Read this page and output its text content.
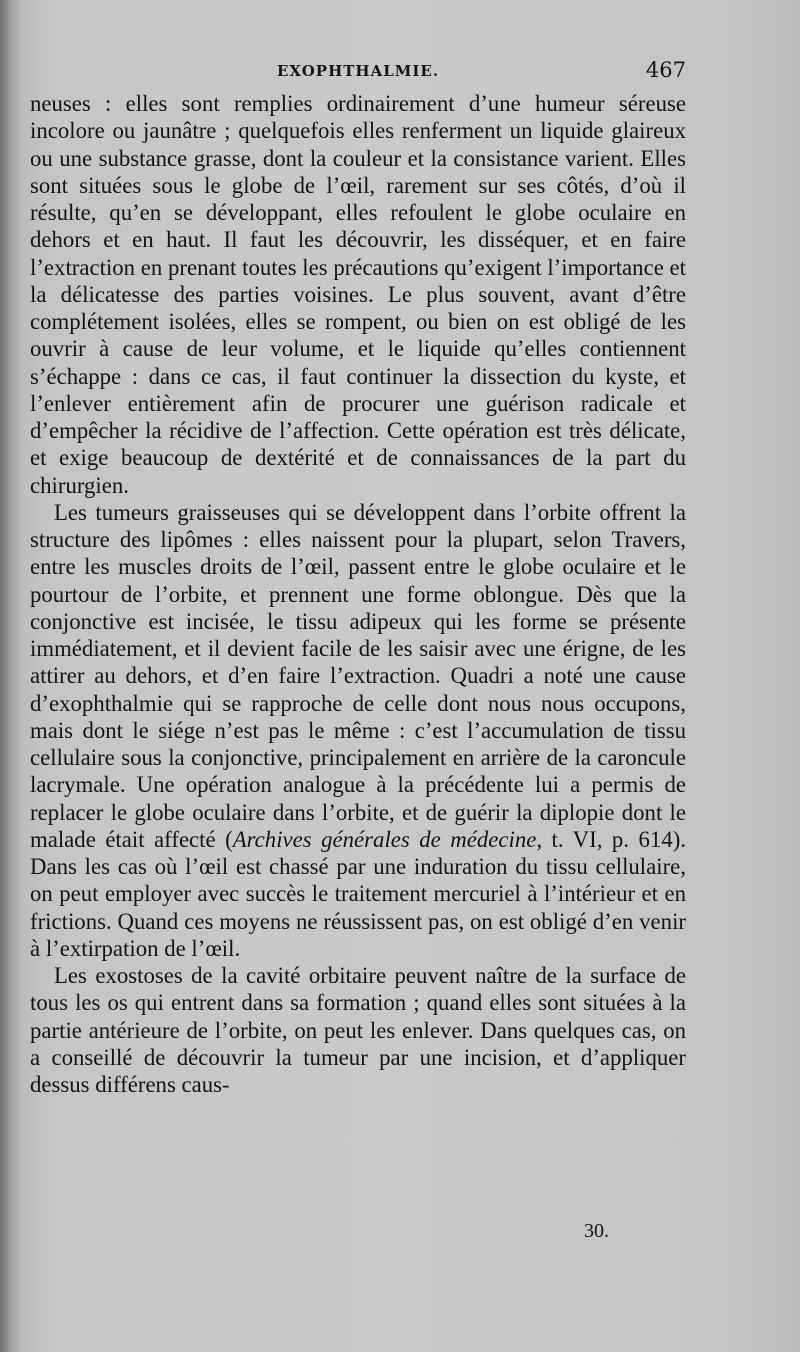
EXOPHTHALMIE.	467

neuses : elles sont remplies ordinairement d’une humeur séreuse incolore ou jaunâtre ; quelquefois elles renferment un liquide glaireux ou une substance grasse, dont la couleur et la consistance varient. Elles sont situées sous le globe de l’œil, rarement sur ses côtés, d’où il résulte, qu’en se développant, elles refoulent le globe oculaire en dehors et en haut. Il faut les découvrir, les disséquer, et en faire l’extraction en prenant toutes les précautions qu’exigent l’importance et la délicatesse des parties voisines. Le plus souvent, avant d’être complétement isolées, elles se rompent, ou bien on est obligé de les ouvrir à cause de leur volume, et le liquide qu’elles contiennent s’échappe : dans ce cas, il faut continuer la dissection du kyste, et l’enlever entièrement afin de procurer une guérison radicale et d’empêcher la récidive de l’affection. Cette opération est très délicate, et exige beaucoup de dextérité et de connaissances de la part du chirurgien.

Les tumeurs graisseuses qui se développent dans l’orbite offrent la structure des lipômes : elles naissent pour la plupart, selon Travers, entre les muscles droits de l’œil, passent entre le globe oculaire et le pourtour de l’orbite, et prennent une forme oblongue. Dès que la conjonctive est incisée, le tissu adipeux qui les forme se présente immédiatement, et il devient facile de les saisir avec une érigne, de les attirer au dehors, et d’en faire l’extraction. Quadri a noté une cause d’exophthalmie qui se rapproche de celle dont nous nous occupons, mais dont le siége n’est pas le même : c’est l’accumulation de tissu cellulaire sous la conjonctive, principalement en arrière de la caroncule lacrymale. Une opération analogue à la précédente lui a permis de replacer le globe oculaire dans l’orbite, et de guérir la diplopie dont le malade était affecté (Archives générales de médecine, t. VI, p. 614). Dans les cas où l’œil est chassé par une induration du tissu cellulaire, on peut employer avec succès le traitement mercuriel à l’intérieur et en frictions. Quand ces moyens ne réussissent pas, on est obligé d’en venir à l’extirpation de l’œil.

Les exostoses de la cavité orbitaire peuvent naître de la surface de tous les os qui entrent dans sa formation ; quand elles sont situées à la partie antérieure de l’orbite, on peut les enlever. Dans quelques cas, on a conseillé de découvrir la tumeur par une incision, et d’appliquer dessus différens caus-

30.
